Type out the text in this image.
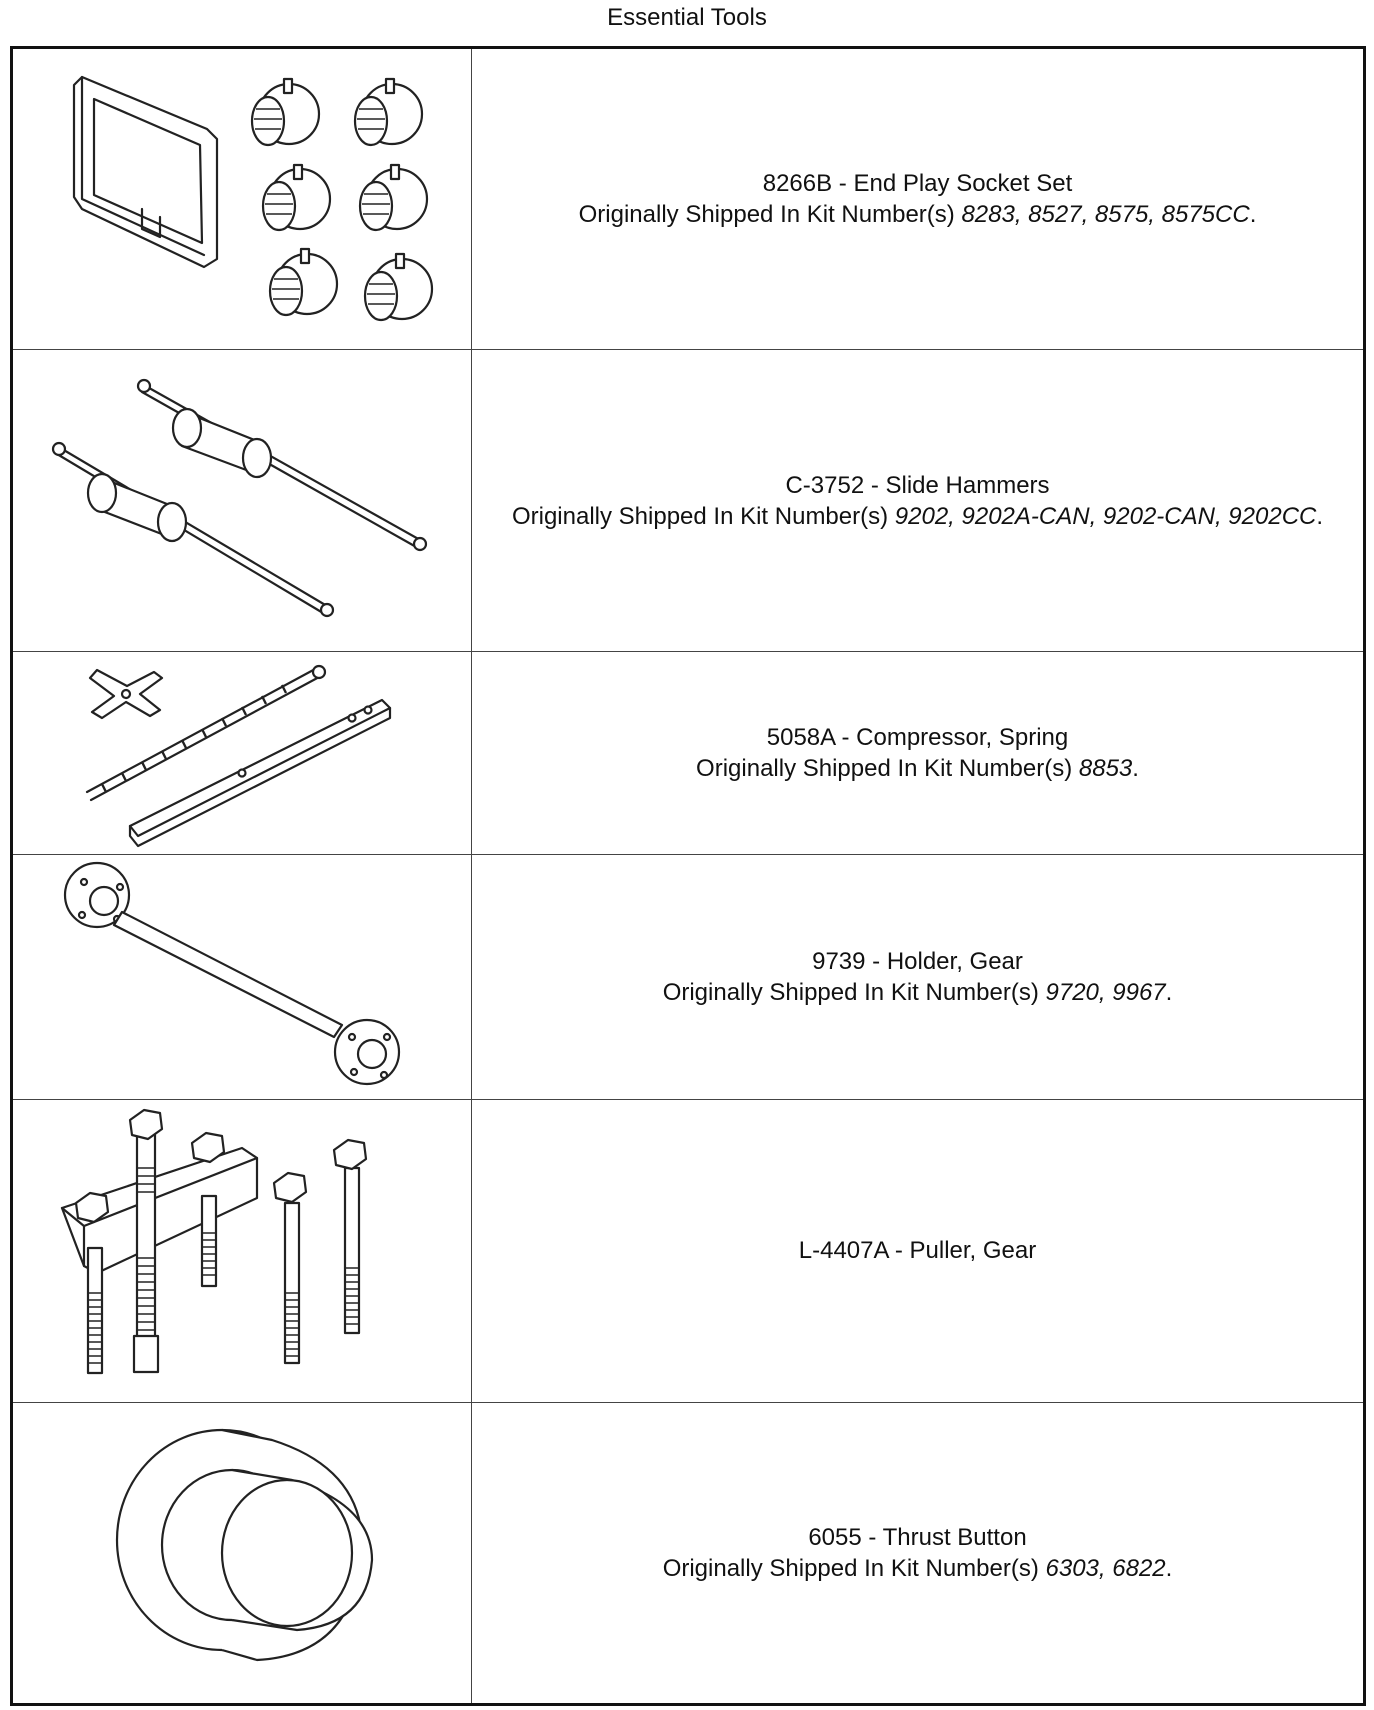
Essential Tools

8266B - End Play Socket Set
Originally Shipped In Kit Number(s) 8283, 8527, 8575, 8575CC.

C-3752 - Slide Hammers
Originally Shipped In Kit Number(s) 9202, 9202A-CAN, 9202-CAN, 9202CC.

5058A - Compressor, Spring
Originally Shipped In Kit Number(s) 8853.

9739 - Holder, Gear
Originally Shipped In Kit Number(s) 9720, 9967.

L-4407A - Puller, Gear

6055 - Thrust Button
Originally Shipped In Kit Number(s) 6303, 6822.
